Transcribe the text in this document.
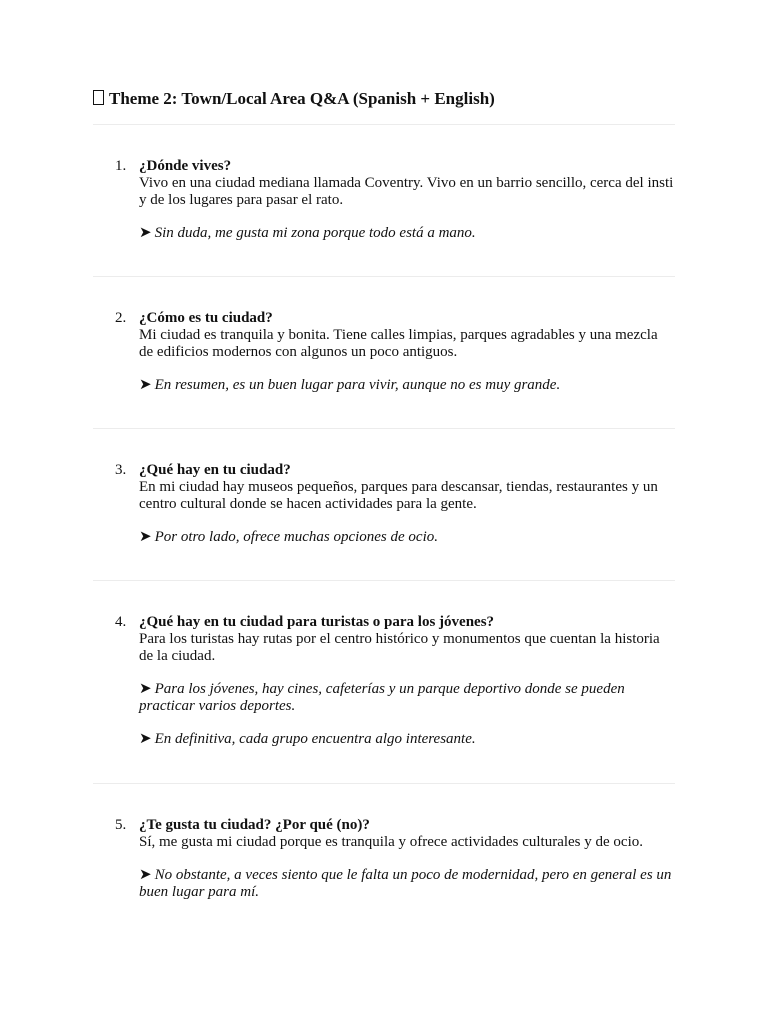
Theme 2: Town/Local Area Q&A (Spanish + English)
1. ¿Dónde vives?
Vivo en una ciudad mediana llamada Coventry. Vivo en un barrio sencillo, cerca del insti y de los lugares para pasar el rato.
➤ Sin duda, me gusta mi zona porque todo está a mano.
2. ¿Cómo es tu ciudad?
Mi ciudad es tranquila y bonita. Tiene calles limpias, parques agradables y una mezcla de edificios modernos con algunos un poco antiguos.
➤ En resumen, es un buen lugar para vivir, aunque no es muy grande.
3. ¿Qué hay en tu ciudad?
En mi ciudad hay museos pequeños, parques para descansar, tiendas, restaurantes y un centro cultural donde se hacen actividades para la gente.
➤ Por otro lado, ofrece muchas opciones de ocio.
4. ¿Qué hay en tu ciudad para turistas o para los jóvenes?
Para los turistas hay rutas por el centro histórico y monumentos que cuentan la historia de la ciudad.
➤ Para los jóvenes, hay cines, cafeterías y un parque deportivo donde se pueden practicar varios deportes.
➤ En definitiva, cada grupo encuentra algo interesante.
5. ¿Te gusta tu ciudad? ¿Por qué (no)?
Sí, me gusta mi ciudad porque es tranquila y ofrece actividades culturales y de ocio.
➤ No obstante, a veces siento que le falta un poco de modernidad, pero en general es un buen lugar para mí.
